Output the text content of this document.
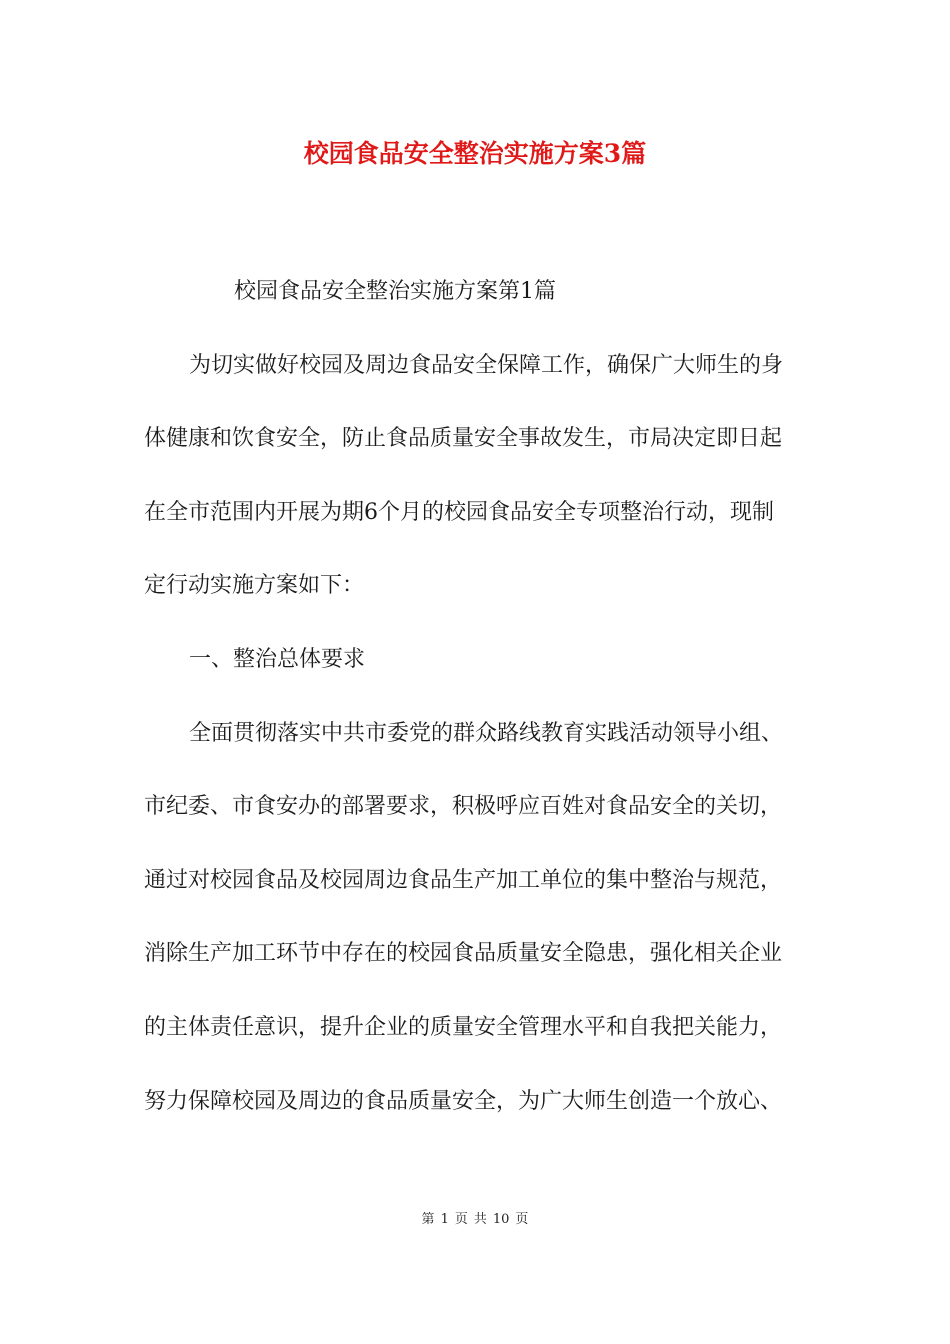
校园食品安全整治实施方案3篇
校园食品安全整治实施方案第1篇
为切实做好校园及周边食品安全保障工作，确保广大师生的身
体健康和饮食安全，防止食品质量安全事故发生，市局决定即日起
在全市范围内开展为期6个月的校园食品安全专项整治行动，现制
定行动实施方案如下：
一、整治总体要求
全面贯彻落实中共市委党的群众路线教育实践活动领导小组、
市纪委、市食安办的部署要求，积极呼应百姓对食品安全的关切，
通过对校园食品及校园周边食品生产加工单位的集中整治与规范，
消除生产加工环节中存在的校园食品质量安全隐患，强化相关企业
的主体责任意识，提升企业的质量安全管理水平和自我把关能力，
努力保障校园及周边的食品质量安全，为广大师生创造一个放心、
第 1 页 共 10 页
